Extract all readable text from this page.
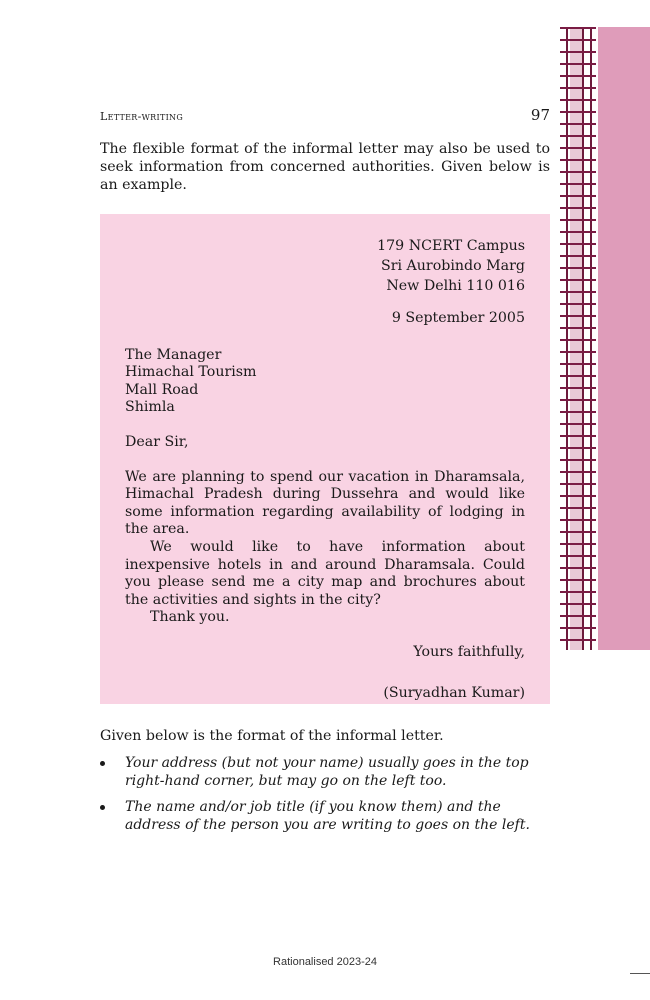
Letter-writing	97

The flexible format of the informal letter may also be used to seek information from concerned authorities. Given below is an example.

179 NCERT Campus
Sri Aurobindo Marg
New Delhi 110 016
9 September 2005
The Manager
Himachal Tourism
Mall Road
Shimla
Dear Sir,

We are planning to spend our vacation in Dharamsala, Himachal Pradesh during Dussehra and would like some information regarding availability of lodging in the area.

We would like to have information about inexpensive hotels in and around Dharamsala. Could you please send me a city map and brochures about the activities and sights in the city?

Thank you.

Yours faithfully,
(Suryadhan Kumar)

Given below is the format of the informal letter.

Your address (but not your name) usually goes in the top right-hand corner, but may go on the left too.
The name and/or job title (if you know them) and the address of the person you are writing to goes on the left.
Rationalised 2023-24
